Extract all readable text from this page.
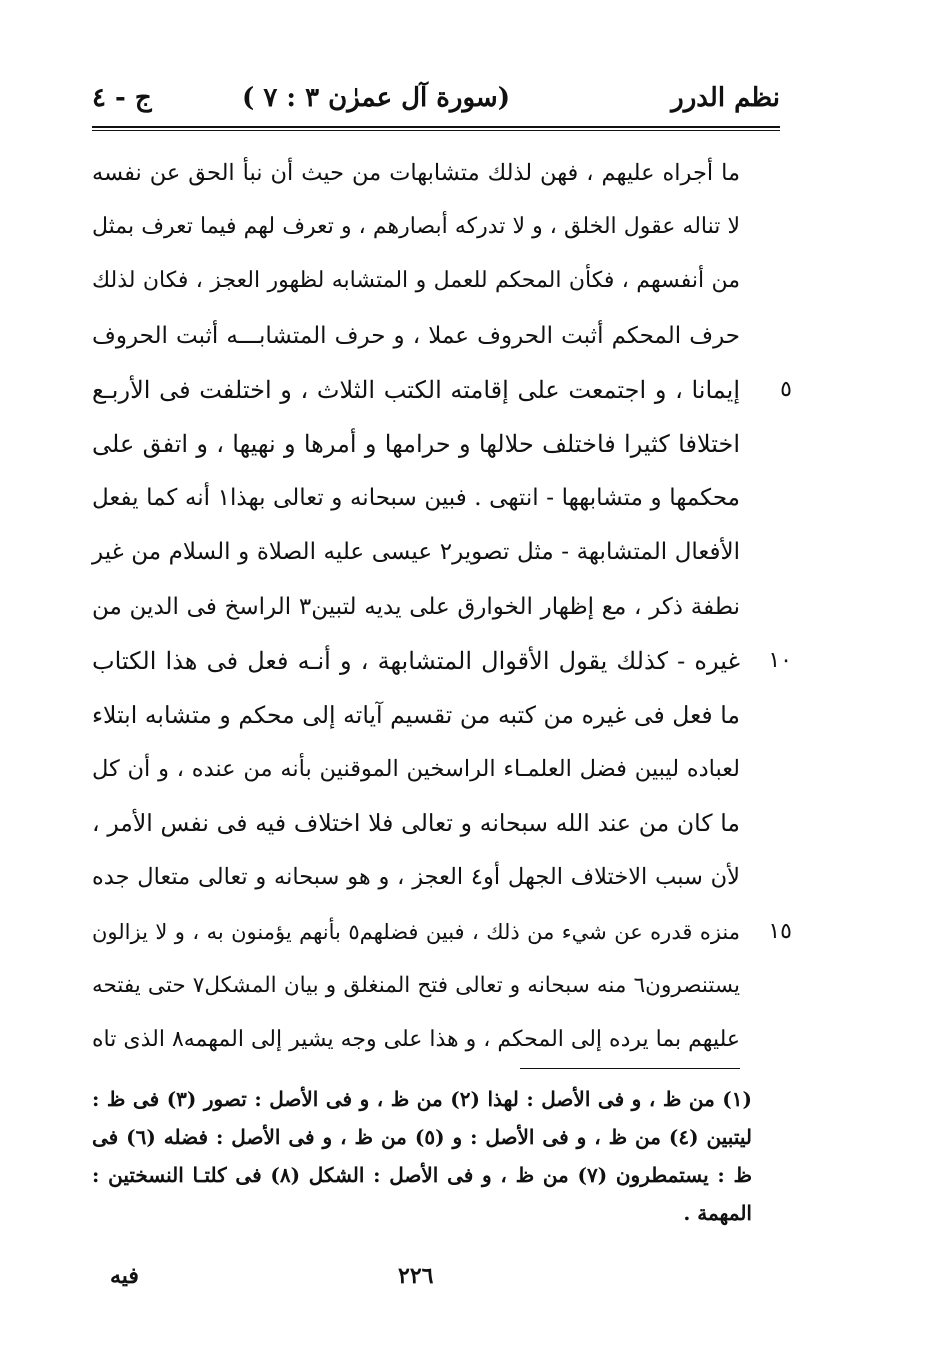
نظم الدرر
(سورة آل عمرٰن ٣ : ٧ )
ج - ٤
ما أجراه عليهم ، فهن لذلك متشابهات من حيث أن نبأ الحق عن نفسه
لا تناله عقول الخلق ، و لا تدركه أبصارهم ، و تعرف لهم فيما تعرف بمثل
من أنفسهم ، فكأن المحكم للعمل و المتشابه لظهور العجز ، فكان لذلك
حرف المحكم أثبت الحروف عملا ، و حرف المتشابـــه أثبت الحروف
٥
إيمانا ، و اجتمعت على إقامته الكتب الثلاث ، و اختلفت فى الأربـع
اختلافا كثيرا فاختلف حلالها و حرامها و أمرها و نهيها ، و اتفق على
محكمها و متشابهها - انتهى . فبين سبحانه و تعالى بهذا١ أنه كما يفعل
الأفعال المتشابهة - مثل تصوير٢ عيسى عليه الصلاة و السلام من غير
نطفة ذكر ، مع إظهار الخوارق على يديه لتبين٣ الراسخ فى الدين من
١٠
غيره - كذلك يقول الأقوال المتشابهة ، و أنـه فعل فى هذا الكتاب
ما فعل فى غيره من كتبه من تقسيم آياته إلى محكم و متشابه ابتلاء
لعباده ليبين فضل العلمـاء الراسخين الموقنين بأنه من عنده ، و أن كل
ما كان من عند الله سبحانه و تعالى فلا اختلاف فيه فى نفس الأمر ،
لأن سبب الاختلاف الجهل أو٤ العجز ، و هو سبحانه و تعالى متعال جده
١٥
منزه قدره عن شيء من ذلك ، فبين فضلهم٥ بأنهم يؤمنون به ، و لا يزالون
يستنصرون٦ منه سبحانه و تعالى فتح المنغلق و بيان المشكل٧ حتى يفتحه
عليهم بما يرده إلى المحكم ، و هذا على وجه يشير إلى المهمه٨ الذى تاه
(١) من ظ ، و فى الأصل : لهذا (٢) من ظ ، و فى الأصل : تصور (٣) فى ظ :
ليتبين (٤) من ظ ، و فى الأصل : و (٥) من ظ ، و فى الأصل : فضله (٦) فى
ظ : يستمطرون (٧) من ظ ، و فى الأصل : الشكل (٨) فى كلتـا النسختين :
المهمة .
٢٢٦
فيه
